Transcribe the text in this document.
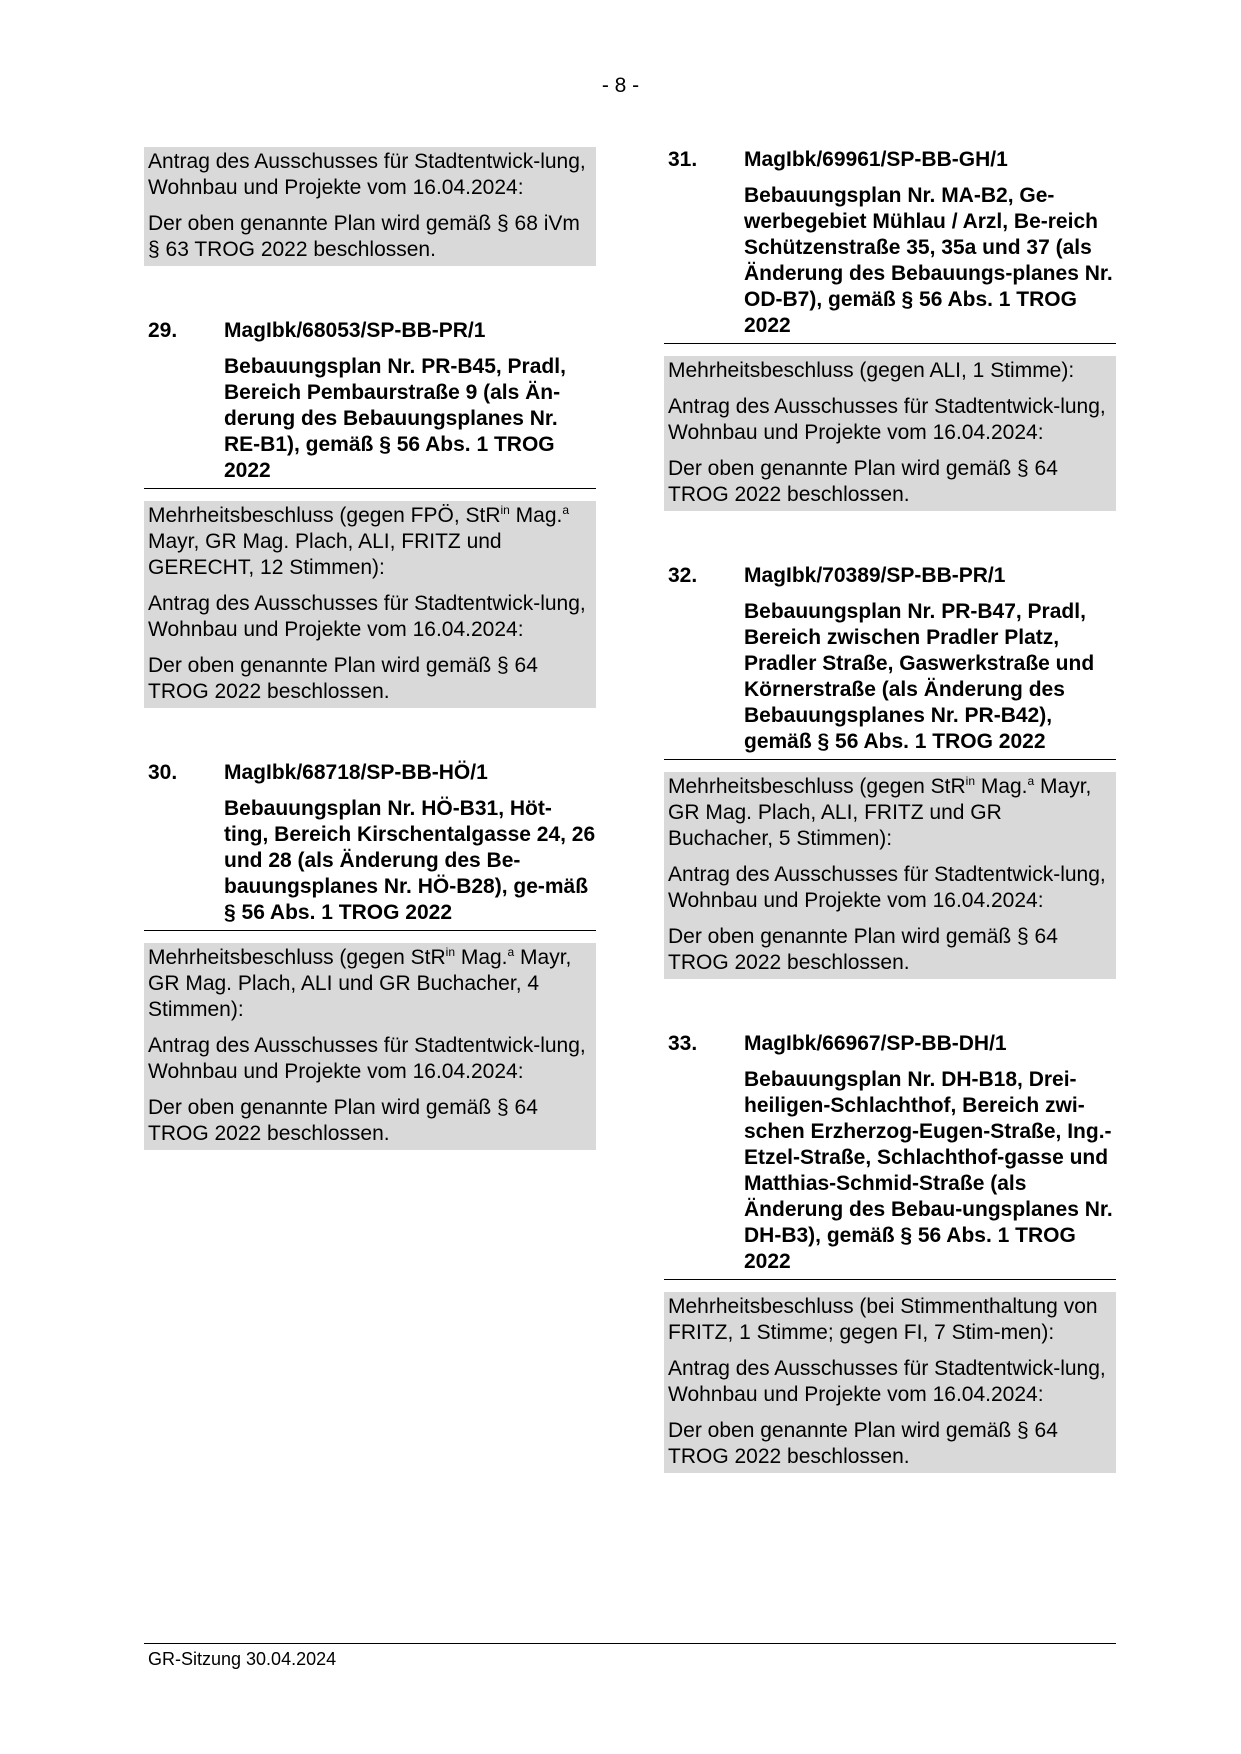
- 8 -

Antrag des Ausschusses für Stadtentwick-lung, Wohnbau und Projekte vom 16.04.2024:

Der oben genannte Plan wird gemäß § 68 iVm § 63 TROG 2022 beschlossen.

29.	MagIbk/68053/SP-BB-PR/1
Bebauungsplan Nr. PR-B45, Pradl, Bereich Pembaurstraße 9 (als Än-derung des Bebauungsplanes Nr. RE-B1), gemäß § 56 Abs. 1 TROG 2022

Mehrheitsbeschluss (gegen FPÖ, StR$^{in}$ Mag.$^a$ Mayr, GR Mag. Plach, ALI, FRITZ und GERECHT, 12 Stimmen):

Antrag des Ausschusses für Stadtentwick-lung, Wohnbau und Projekte vom 16.04.2024:

Der oben genannte Plan wird gemäß § 64 TROG 2022 beschlossen.

30.	MagIbk/68718/SP-BB-HÖ/1
Bebauungsplan Nr. HÖ-B31, Höt-ting, Bereich Kirschentalgasse 24, 26 und 28 (als Änderung des Be-bauungsplanes Nr. HÖ-B28), ge-mäß § 56 Abs. 1 TROG 2022

Mehrheitsbeschluss (gegen StR$^{in}$ Mag.$^a$ Mayr, GR Mag. Plach, ALI und GR Buchacher, 4 Stimmen):

Antrag des Ausschusses für Stadtentwick-lung, Wohnbau und Projekte vom 16.04.2024:

Der oben genannte Plan wird gemäß § 64 TROG 2022 beschlossen.

31.	MagIbk/69961/SP-BB-GH/1
Bebauungsplan Nr. MA-B2, Ge-werbegebiet Mühlau / Arzl, Be-reich Schützenstraße 35, 35a und 37 (als Änderung des Bebauungs-planes Nr. OD-B7), gemäß § 56 Abs. 1 TROG 2022

Mehrheitsbeschluss (gegen ALI, 1 Stimme):

Antrag des Ausschusses für Stadtentwick-lung, Wohnbau und Projekte vom 16.04.2024:

Der oben genannte Plan wird gemäß § 64 TROG 2022 beschlossen.

32.	MagIbk/70389/SP-BB-PR/1
Bebauungsplan Nr. PR-B47, Pradl, Bereich zwischen Pradler Platz, Pradler Straße, Gaswerkstraße und Körnerstraße (als Änderung des Bebauungsplanes Nr. PR-B42), gemäß § 56 Abs. 1 TROG 2022

Mehrheitsbeschluss (gegen StR$^{in}$ Mag.$^a$ Mayr, GR Mag. Plach, ALI, FRITZ und GR Buchacher, 5 Stimmen):

Antrag des Ausschusses für Stadtentwick-lung, Wohnbau und Projekte vom 16.04.2024:

Der oben genannte Plan wird gemäß § 64 TROG 2022 beschlossen.

33.	MagIbk/66967/SP-BB-DH/1
Bebauungsplan Nr. DH-B18, Drei-heiligen-Schlachthof, Bereich zwi-schen Erzherzog-Eugen-Straße, Ing.-Etzel-Straße, Schlachthof-gasse und Matthias-Schmid-Straße (als Änderung des Bebau-ungsplanes Nr. DH-B3), gemäß § 56 Abs. 1 TROG 2022

Mehrheitsbeschluss (bei Stimmenthaltung von FRITZ, 1 Stimme; gegen FI, 7 Stim-men):

Antrag des Ausschusses für Stadtentwick-lung, Wohnbau und Projekte vom 16.04.2024:

Der oben genannte Plan wird gemäß § 64 TROG 2022 beschlossen.

GR-Sitzung 30.04.2024
